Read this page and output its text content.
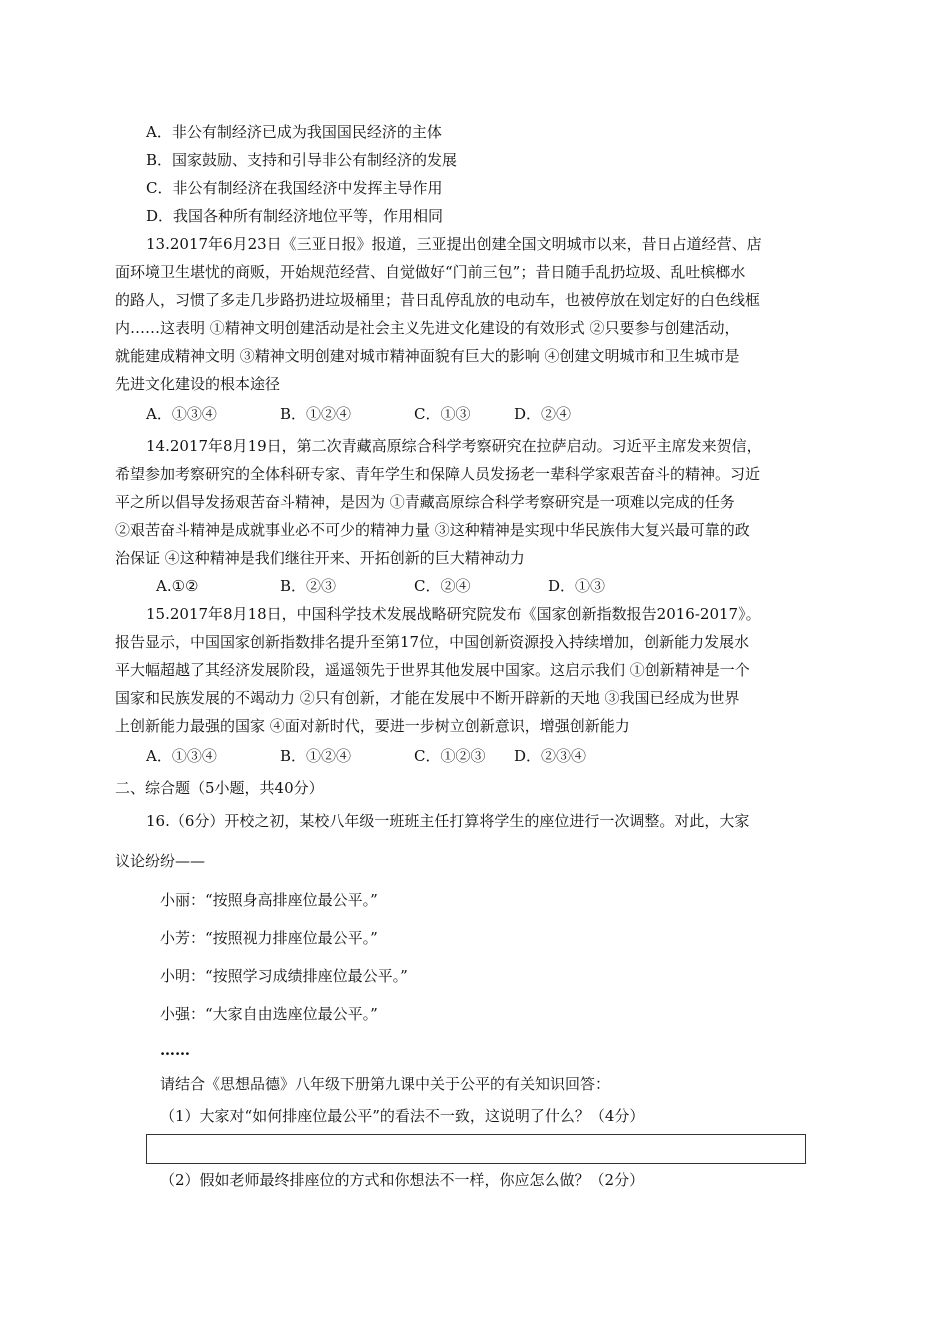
A．非公有制经济已成为我国国民经济的主体
B．国家鼓励、支持和引导非公有制经济的发展
C．非公有制经济在我国经济中发挥主导作用
D．我国各种所有制经济地位平等，作用相同
13.2017年6月23日《三亚日报》报道，三亚提出创建全国文明城市以来，昔日占道经营、店
面环境卫生堪忧的商贩，开始规范经营、自觉做好“门前三包”；昔日随手乱扔垃圾、乱吐槟榔水
的路人，习惯了多走几步路扔进垃圾桶里；昔日乱停乱放的电动车，也被停放在划定好的白色线框
内……这表明 ①精神文明创建活动是社会主义先进文化建设的有效形式 ②只要参与创建活动，
就能建成精神文明 ③精神文明创建对城市精神面貌有巨大的影响 ④创建文明城市和卫生城市是
先进文化建设的根本途径
A．①③④	B．①②④	C．①③	D．②④
14.2017年8月19日，第二次青藏高原综合科学考察研究在拉萨启动。习近平主席发来贺信，
希望参加考察研究的全体科研专家、青年学生和保障人员发扬老一辈科学家艰苦奋斗的精神。习近
平之所以倡导发扬艰苦奋斗精神，是因为 ①青藏高原综合科学考察研究是一项难以完成的任务
②艰苦奋斗精神是成就事业必不可少的精神力量 ③这种精神是实现中华民族伟大复兴最可靠的政
治保证 ④这种精神是我们继往开来、开拓创新的巨大精神动力
A.①②	B．②③	C．②④	D．①③
15.2017年8月18日，中国科学技术发展战略研究院发布《国家创新指数报告2016-2017》。
报告显示，中国国家创新指数排名提升至第17位，中国创新资源投入持续增加，创新能力发展水
平大幅超越了其经济发展阶段，遥遥领先于世界其他发展中国家。这启示我们 ①创新精神是一个
国家和民族发展的不竭动力 ②只有创新，才能在发展中不断开辟新的天地 ③我国已经成为世界
上创新能力最强的国家 ④面对新时代，要进一步树立创新意识，增强创新能力
A．①③④	B．①②④	C．①②③ D．②③④
二、综合题（5小题，共40分）
16.（6分）开校之初，某校八年级一班班主任打算将学生的座位进行一次调整。对此，大家
议论纷纷——
小丽：“按照身高排座位最公平。”
小芳：“按照视力排座位最公平。”
小明：“按照学习成绩排座位最公平。”
小强：“大家自由选座位最公平。”
……
请结合《思想品德》八年级下册第九课中关于公平的有关知识回答：
（1）大家对“如何排座位最公平”的看法不一致，这说明了什么？（4分）
（2）假如老师最终排座位的方式和你想法不一样，你应怎么做？（2分）
